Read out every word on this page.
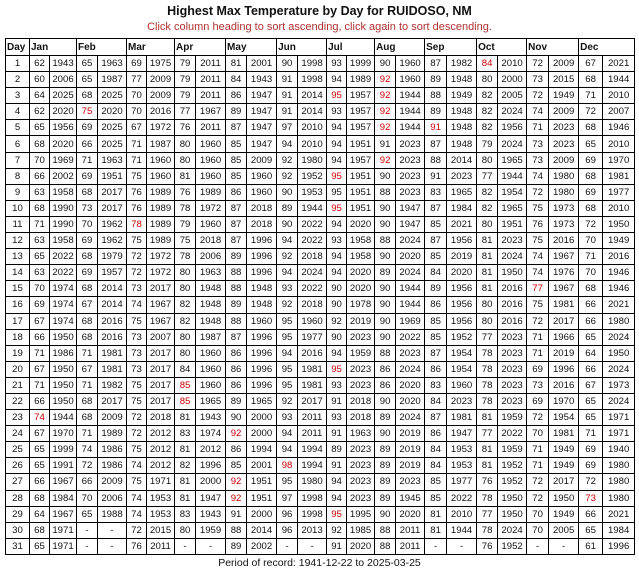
Highest Max Temperature by Day for RUIDOSO, NM
Click column heading to sort ascending, click again to sort descending.
Day	Jan		Feb		Mar		Apr		May		Jun		Jul		Aug		Sep		Oct		Nov		Dec	
1	62	1943	65	1963	69	1975	79	2011	81	2001	90	1998	93	1999	90	1960	87	1982	84	2010	72	2009	67	2021
2	60	2006	65	1987	77	2009	79	2011	84	1943	91	1998	94	1989	92	1960	89	1948	80	2000	73	2015	68	1944
3	64	2025	68	2025	70	2009	79	2011	86	1947	91	2014	95	1957	92	1944	88	1949	82	2005	72	1949	71	2010
4	62	2020	75	2020	70	2016	77	1967	89	1947	91	2014	93	1957	92	1944	89	1948	82	2024	74	2009	72	2007
5	65	1956	69	2025	67	1972	76	2011	87	1947	97	2010	94	1957	92	1944	91	1948	82	1956	71	2023	68	1946
6	68	2020	66	2025	71	1987	80	1960	85	1947	94	2010	94	1951	91	2023	87	1948	79	2024	73	2023	65	2010
7	70	1969	71	1963	71	1960	80	1960	85	2009	92	1980	94	1957	92	2023	88	2014	80	1965	73	2009	69	1970
8	66	2002	69	1951	75	1960	81	1960	85	1960	92	1952	95	1951	90	2023	91	2023	77	1944	74	1980	68	1981
9	63	1958	68	2017	76	1989	76	1989	86	1960	90	1953	95	1951	88	2023	83	1965	82	1954	72	1980	69	1977
10	68	1990	73	2017	76	1989	78	1972	87	2018	89	1944	95	1951	90	1947	87	1984	82	1965	75	1973	68	2010
11	71	1990	70	1962	78	1989	79	1960	87	2018	90	2022	94	2020	90	1947	85	2021	80	1951	76	1973	72	1950
12	63	1958	69	1962	75	1989	75	2018	87	1996	94	2022	93	1958	88	2024	87	1956	81	2023	75	2016	70	1949
13	65	2022	68	1979	72	1972	78	2006	89	1996	92	2018	94	1958	90	2020	85	2019	81	2024	74	1967	71	2016
14	63	2022	69	1957	72	1972	80	1963	88	1996	94	2024	94	2020	89	2024	84	2020	81	1950	74	1976	70	1946
15	70	1974	68	2014	73	2017	80	1948	88	1948	93	2022	90	2020	90	1944	89	1956	81	2016	77	1967	68	1946
16	69	1974	67	2014	74	1967	82	1948	89	1948	92	2018	90	1978	90	1944	86	1956	80	2016	75	1981	66	2021
17	67	1974	68	2016	75	1967	82	1948	88	1960	95	1960	92	2019	90	1969	85	1956	80	2016	72	2017	66	1980
18	66	1950	68	2016	73	2007	80	1987	87	1996	95	1977	90	2023	90	2022	85	1952	77	2023	71	1966	65	2024
19	71	1986	71	1981	73	2017	80	1960	86	1996	94	2016	94	1959	88	2023	87	1954	78	2023	71	2019	64	1950
20	67	1950	67	1981	73	2017	84	1960	86	1996	95	1981	95	2023	86	2024	86	1954	78	2023	69	1996	66	2024
21	71	1950	71	1982	75	2017	85	1960	86	1996	95	1981	93	2023	86	2020	83	1960	78	2023	73	2016	67	1973
22	66	1950	68	2017	75	2017	85	1965	89	1965	92	2017	91	2018	90	2020	84	2023	78	2023	69	1970	65	2024
23	74	1944	68	2009	72	2018	81	1943	90	2000	93	2011	93	2018	89	2024	87	1981	81	1959	72	1954	65	1971
24	67	1970	71	1989	72	2012	83	1974	92	2000	94	2011	91	1963	90	2019	86	1947	77	2022	70	1981	71	1971
25	65	1999	74	1986	75	2012	81	2012	86	1994	94	1994	89	2023	89	2019	84	1953	81	1959	71	1949	69	1940
26	65	1991	72	1986	74	2012	82	1996	85	2001	98	1994	91	2023	89	2019	84	1953	81	1952	71	1949	69	1980
27	66	1967	66	2009	75	1971	81	2000	92	1951	95	1980	94	2023	89	2023	85	1977	76	1952	72	2017	72	1980
28	68	1984	70	2006	74	1953	81	1947	92	1951	97	1998	94	2023	89	1945	85	2022	78	1950	72	1950	73	1980
29	64	1967	65	1988	74	1953	83	1943	91	2000	96	1998	95	1995	90	2020	81	2010	77	1950	70	1949	66	2021
30	68	1971	-	-	72	2015	80	1959	88	2014	96	2013	92	1985	88	2011	81	1944	78	2024	70	2005	65	1984
31	65	1971	-	-	76	2011	-	-	89	2002	-	-	91	2020	88	2011	-	-	76	1952	-	-	61	1996
Period of record: 1941-12-22 to 2025-03-25
